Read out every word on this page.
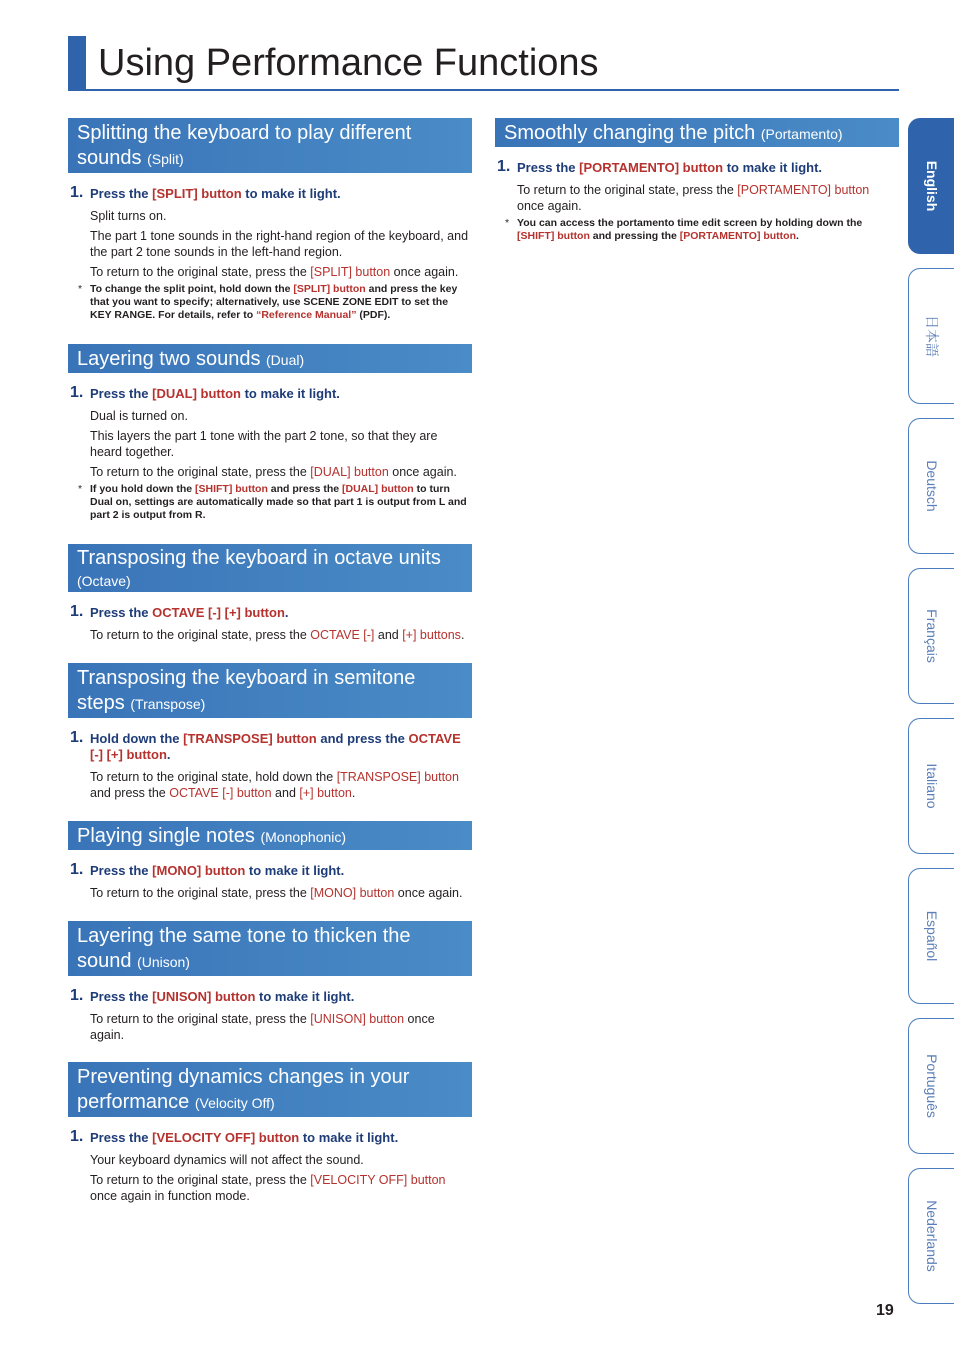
Using Performance Functions
Splitting the keyboard to play different sounds (Split)
1. Press the [SPLIT] button to make it light.
Split turns on.
The part 1 tone sounds in the right-hand region of the keyboard, and the part 2 tone sounds in the left-hand region.
To return to the original state, press the [SPLIT] button once again.
* To change the split point, hold down the [SPLIT] button and press the key that you want to specify; alternatively, use SCENE ZONE EDIT to set the KEY RANGE. For details, refer to “Reference Manual” (PDF).
Layering two sounds (Dual)
1. Press the [DUAL] button to make it light.
Dual is turned on.
This layers the part 1 tone with the part 2 tone, so that they are heard together.
To return to the original state, press the [DUAL] button once again.
* If you hold down the [SHIFT] button and press the [DUAL] button to turn Dual on, settings are automatically made so that part 1 is output from L and part 2 is output from R.
Transposing the keyboard in octave units
(Octave)
1. Press the OCTAVE [-] [+] button.
To return to the original state, press the OCTAVE [-] and [+] buttons.
Transposing the keyboard in semitone steps (Transpose)
1. Hold down the [TRANSPOSE] button and press the OCTAVE [-] [+] button.
To return to the original state, hold down the [TRANSPOSE] button and press the OCTAVE [-] button and [+] button.
Playing single notes (Monophonic)
1. Press the [MONO] button to make it light.
To return to the original state, press the [MONO] button once again.
Layering the same tone to thicken the sound (Unison)
1. Press the [UNISON] button to make it light.
To return to the original state, press the [UNISON] button once again.
Preventing dynamics changes in your performance (Velocity Off)
1. Press the [VELOCITY OFF] button to make it light.
Your keyboard dynamics will not affect the sound.
To return to the original state, press the [VELOCITY OFF] button once again in function mode.
Smoothly changing the pitch (Portamento)
1. Press the [PORTAMENTO] button to make it light.
To return to the original state, press the [PORTAMENTO] button once again.
* You can access the portamento time edit screen by holding down the [SHIFT] button and pressing the [PORTAMENTO] button.
English
日本語
Deutsch
Français
Italiano
Español
Português
Nederlands
19
